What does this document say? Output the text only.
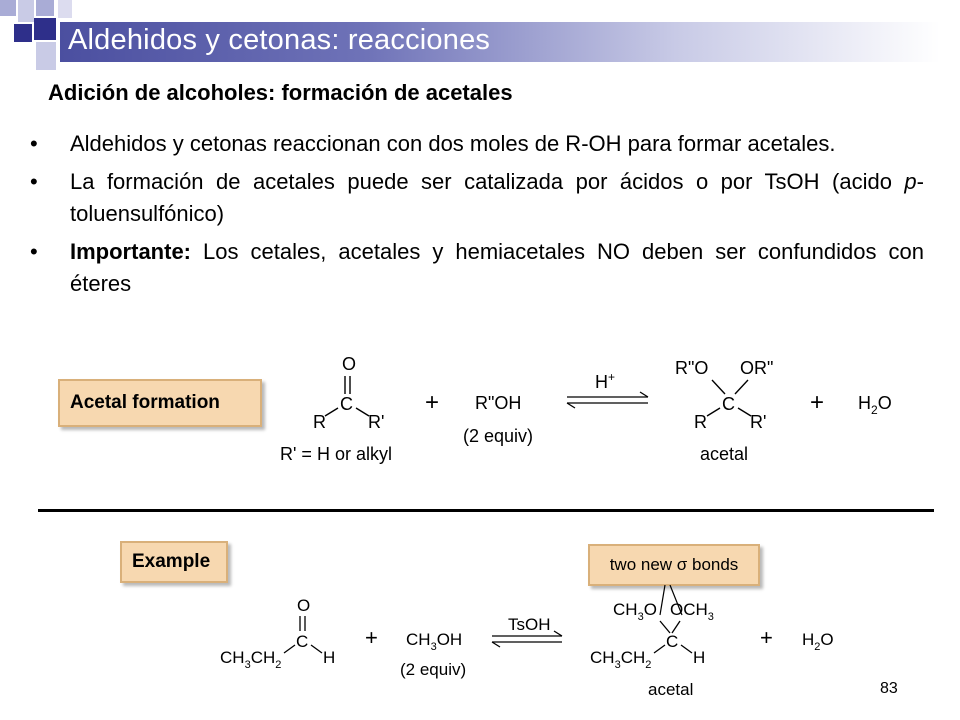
Aldehidos y cetonas: reacciones
Adición de alcoholes: formación de acetales
• Aldehidos y cetonas reaccionan con dos moles de R-OH para formar acetales.
• La formación de acetales puede ser catalizada por ácidos o por TsOH (acido p-toluensulfónico)
• Importante: Los cetales, acetales y hemiacetales NO deben ser confundidos con éteres
Acetal formation
O
C
R R'
R' = H or alkyl
+ R"OH
(2 equiv)
H+	R"O OR"
C
R R'
acetal
+ $H_2O$
Example	two new σ bonds
O
C
$CH_3CH_2$ H
+ $CH_3OH$
(2 equiv)
TsOH
$CH_3O$ $OCH_3$
C
$CH_3CH_2$ H
acetal
+ $H_2O$
83
